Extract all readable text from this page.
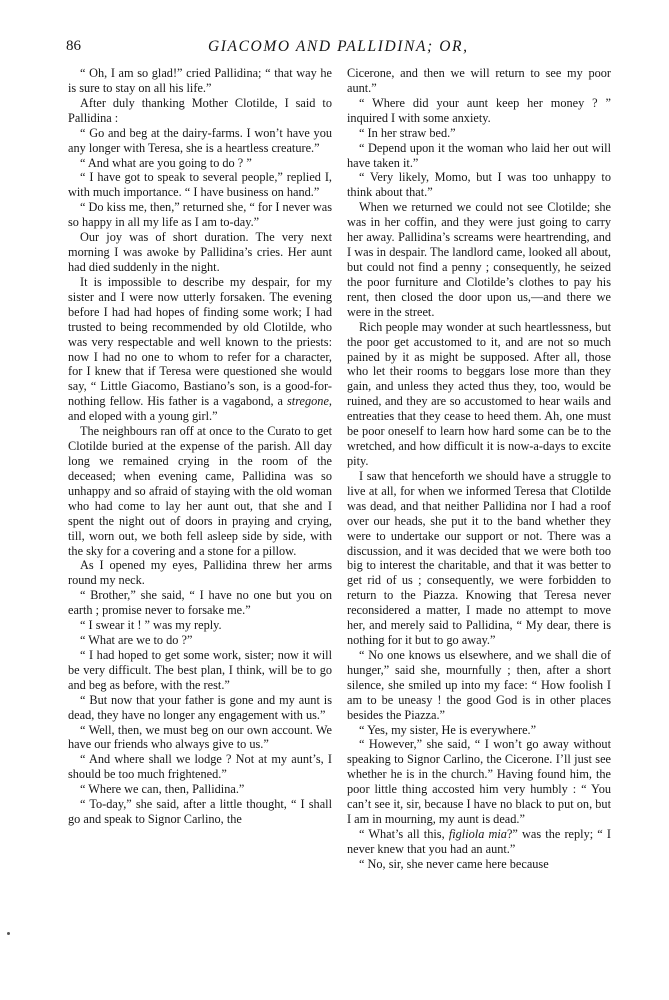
86	GIACOMO AND PALLIDINA; OR,

“ Oh, I am so glad!” cried Pallidina; “ that way he is sure to stay on all his life.”

After duly thanking Mother Clotilde, I said to Pallidina :

“ Go and beg at the dairy-farms. I won’t have you any longer with Teresa, she is a heartless creature.”

“ And what are you going to do ? ”

“ I have got to speak to several people,” replied I, with much importance. “ I have business on hand.”

“ Do kiss me, then,” returned she, “ for I never was so happy in all my life as I am to-day.”

Our joy was of short duration. The very next morning I was awoke by Pallidina’s cries. Her aunt had died suddenly in the night.

It is impossible to describe my despair, for my sister and I were now utterly forsaken. The evening before I had had hopes of finding some work; I had trusted to being recommended by old Clotilde, who was very respectable and well known to the priests: now I had no one to whom to refer for a character, for I knew that if Teresa were questioned she would say, “ Little Giacomo, Bastiano’s son, is a good-for-nothing fellow. His father is a vagabond, a stregone, and eloped with a young girl.”

The neighbours ran off at once to the Curato to get Clotilde buried at the expense of the parish. All day long we remained crying in the room of the deceased; when evening came, Pallidina was so unhappy and so afraid of staying with the old woman who had come to lay her aunt out, that she and I spent the night out of doors in praying and crying, till, worn out, we both fell asleep side by side, with the sky for a covering and a stone for a pillow.

As I opened my eyes, Pallidina threw her arms round my neck.

“ Brother,” she said, “ I have no one but you on earth ; promise never to forsake me.”

“ I swear it ! ” was my reply.

“ What are we to do ?”

“ I had hoped to get some work, sister; now it will be very difficult. The best plan, I think, will be to go and beg as before, with the rest.”

“ But now that your father is gone and my aunt is dead, they have no longer any engagement with us.”

“ Well, then, we must beg on our own account. We have our friends who always give to us.”

“ And where shall we lodge ? Not at my aunt’s, I should be too much frightened.”

“ Where we can, then, Pallidina.”

“ To-day,” she said, after a little thought, “ I shall go and speak to Signor Carlino, the

Cicerone, and then we will return to see my poor aunt.”

“ Where did your aunt keep her money ? ” inquired I with some anxiety.

“ In her straw bed.”

“ Depend upon it the woman who laid her out will have taken it.”

“ Very likely, Momo, but I was too unhappy to think about that.”

When we returned we could not see Clotilde; she was in her coffin, and they were just going to carry her away. Pallidina’s screams were heartrending, and I was in despair. The landlord came, looked all about, but could not find a penny ; consequently, he seized the poor furniture and Clotilde’s clothes to pay his rent, then closed the door upon us,—and there we were in the street.

Rich people may wonder at such heartlessness, but the poor get accustomed to it, and are not so much pained by it as might be supposed. After all, those who let their rooms to beggars lose more than they gain, and unless they acted thus they, too, would be ruined, and they are so accustomed to hear wails and entreaties that they cease to heed them. Ah, one must be poor oneself to learn how hard some can be to the wretched, and how difficult it is now-a-days to excite pity.

I saw that henceforth we should have a struggle to live at all, for when we informed Teresa that Clotilde was dead, and that neither Pallidina nor I had a roof over our heads, she put it to the band whether they were to undertake our support or not. There was a discussion, and it was decided that we were both too big to interest the charitable, and that it was better to get rid of us ; consequently, we were forbidden to return to the Piazza. Knowing that Teresa never reconsidered a matter, I made no attempt to move her, and merely said to Pallidina, “ My dear, there is nothing for it but to go away.”

“ No one knows us elsewhere, and we shall die of hunger,” said she, mournfully ; then, after a short silence, she smiled up into my face: “ How foolish I am to be uneasy ! the good God is in other places besides the Piazza.”

“ Yes, my sister, He is everywhere.”

“ However,” she said, “ I won’t go away without speaking to Signor Carlino, the Cicerone. I’ll just see whether he is in the church.” Having found him, the poor little thing accosted him very humbly : “ You can’t see it, sir, because I have no black to put on, but I am in mourning, my aunt is dead.”

“ What’s all this, figliola mia?” was the reply; “ I never knew that you had an aunt.”

“ No, sir, she never came here because
